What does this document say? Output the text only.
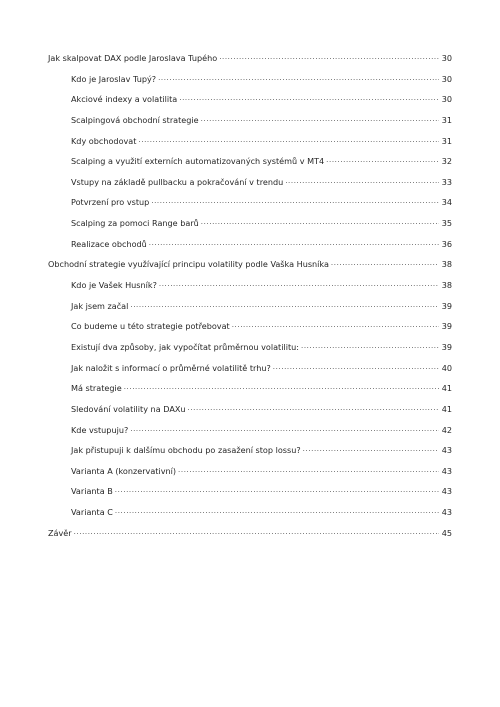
Jak skalpovat DAX podle Jaroslava Tupého .....	30
Kdo je Jaroslav Tupý? .....	30
Akciové indexy a volatilita .....	30
Scalpingová obchodní strategie .....	31
Kdy obchodovat .....	31
Scalping a využití externích automatizovaných systémů v MT4 .....	32
Vstupy na základě pullbacku a pokračování v trendu .....	33
Potvrzení pro vstup .....	34
Scalping za pomoci Range barů .....	35
Realizace obchodů .....	36
Obchodní strategie využívající principu volatility podle Vaška Husníka .....	38
Kdo je Vašek Husník? .....	38
Jak jsem začal .....	39
Co budeme u této strategie potřebovat .....	39
Existují dva způsoby, jak vypočítat průměrnou volatilitu: .....	39
Jak naložit s informací o průměrné volatilitě trhu? .....	40
Má strategie .....	41
Sledování volatility na DAXu .....	41
Kde vstupuju? .....	42
Jak přistupuji k dalšímu obchodu po zasažení stop lossu? .....	43
Varianta A (konzervativní) .....	43
Varianta B .....	43
Varianta C .....	43
Závěr .....	45
